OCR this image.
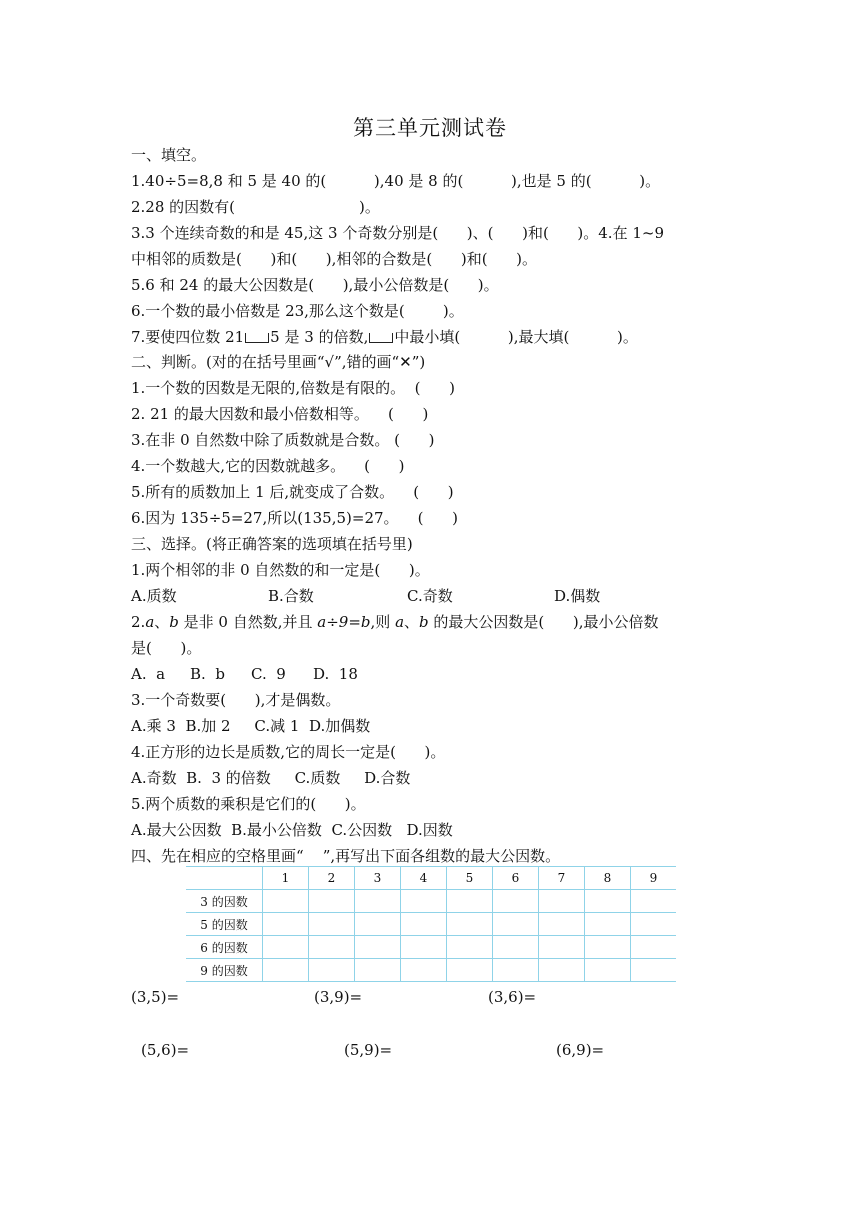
第三单元测试卷
一、填空。
1.40÷5=8,8 和 5 是 40 的(          ),40 是 8 的(          ),也是 5 的(          )。
2.28 的因数有(                          )。
3.3 个连续奇数的和是 45,这 3 个奇数分别是(      )、(      )和(      )。4.在 1~9
中相邻的质数是(      )和(      ),相邻的合数是(      )和(      )。
5.6 和 24 的最大公因数是(      ),最小公倍数是(      )。
6.一个数的最小倍数是 23,那么这个数是(        )。
7.要使四位数 21 5 是 3 的倍数, 中最小填(          ),最大填(          )。
二、判断。(对的在括号里画“√”,错的画“✕”)
1.一个数的因数是无限的,倍数是有限的。  (      )
2. 21 的最大因数和最小倍数相等。    (      )
3.在非 0 自然数中除了质数就是合数。 (      )
4.一个数越大,它的因数就越多。    (      )
5.所有的质数加上 1 后,就变成了合数。    (      )
6.因为 135÷5=27,所以(135,5)=27。    (      )
三、选择。(将正确答案的选项填在括号里)
1.两个相邻的非 0 自然数的和一定是(      )。
A.质数	B.合数	C.奇数	D.偶数
2.a、b 是非 0 自然数,并且 a÷9=b,则 a、b 的最大公因数是(      ),最小公倍数
是(      )。
A.  a B.  b C.  9 D.  18
3.一个奇数要(      ),才是偶数。
A.乘 3  B.加 2     C.减 1  D.加偶数
4.正方形的边长是质数,它的周长一定是(      )。
A.奇数  B.  3 的倍数     C.质数     D.合数
5.两个质数的乘积是它们的(      )。
A.最大公因数  B.最小公倍数  C.公因数   D.因数
四、先在相应的空格里画“    ”,再写出下面各组数的最大公因数。
	1	2	3	4	5	6	7	8	9
3 的因数									
5 的因数									
6 的因数									
9 的因数									
(3,5)=	(3,9)=	(3,6)=
(5,6)=	(5,9)=	(6,9)=
